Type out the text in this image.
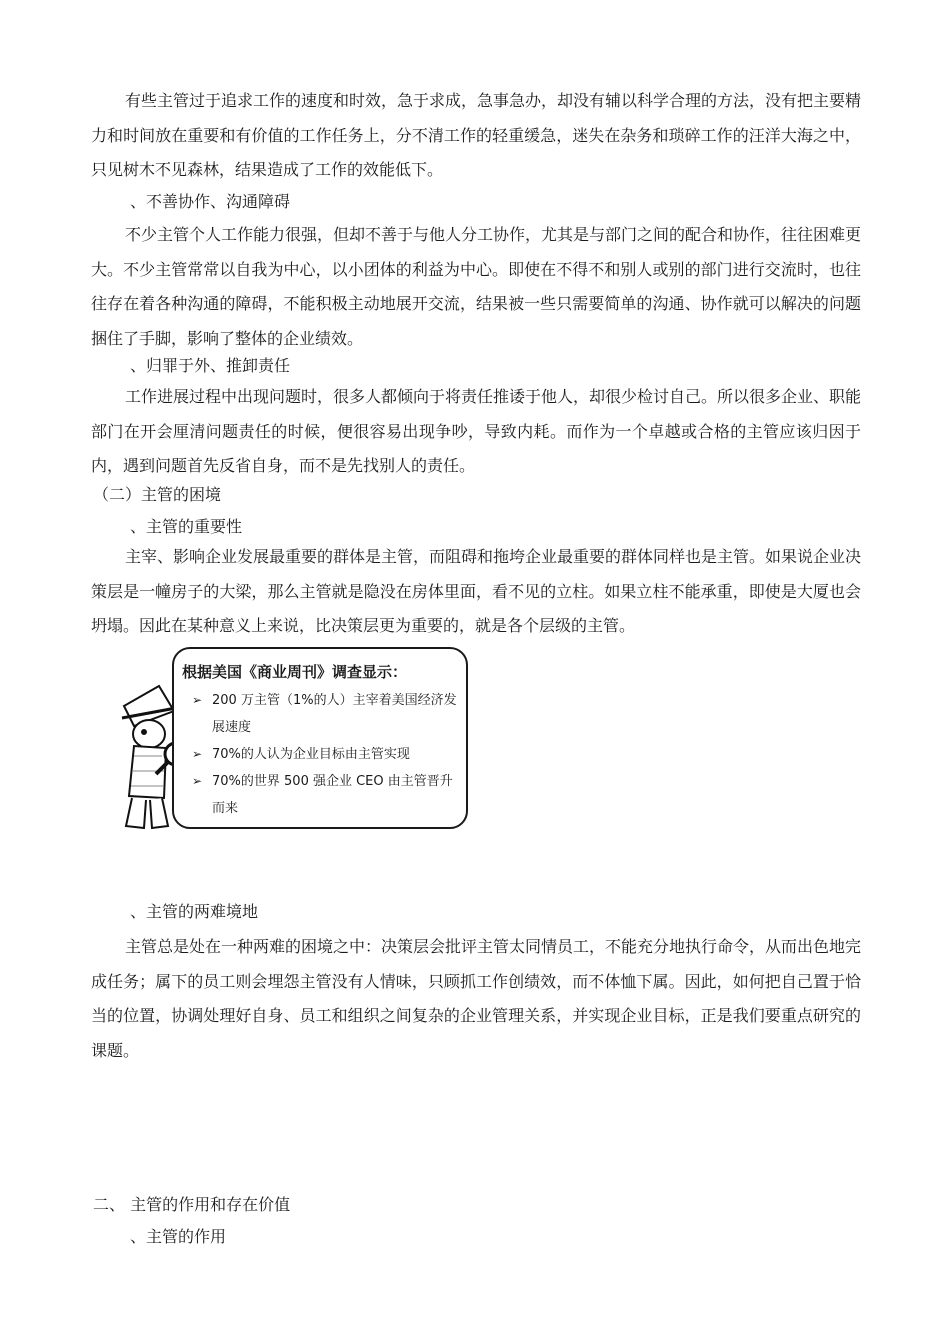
有些主管过于追求工作的速度和时效，急于求成，急事急办，却没有辅以科学合理的方法，没有把主要精力和时间放在重要和有价值的工作任务上，分不清工作的轻重缓急，迷失在杂务和琐碎工作的汪洋大海之中，只见树木不见森林，结果造成了工作的效能低下。

、不善协作、沟通障碍

不少主管个人工作能力很强，但却不善于与他人分工协作，尤其是与部门之间的配合和协作，往往困难更大。不少主管常常以自我为中心，以小团体的利益为中心。即使在不得不和别人或别的部门进行交流时，也往往存在着各种沟通的障碍，不能积极主动地展开交流，结果被一些只需要简单的沟通、协作就可以解决的问题捆住了手脚，影响了整体的企业绩效。

、归罪于外、推卸责任

工作进展过程中出现问题时，很多人都倾向于将责任推诿于他人，却很少检讨自己。所以很多企业、职能部门在开会厘清问题责任的时候，便很容易出现争吵，导致内耗。而作为一个卓越或合格的主管应该归因于内，遇到问题首先反省自身，而不是先找别人的责任。

（二）主管的困境

、主管的重要性

主宰、影响企业发展最重要的群体是主管，而阻碍和拖垮企业最重要的群体同样也是主管。如果说企业决策层是一幢房子的大梁，那么主管就是隐没在房体里面，看不见的立柱。如果立柱不能承重，即使是大厦也会坍塌。因此在某种意义上来说，比决策层更为重要的，就是各个层级的主管。

根据美国《商业周刊》调查显示：

➢ 200 万主管（1%的人）主宰着美国经济发展速度
➢ 70%的人认为企业目标由主管实现
➢ 70%的世界 500 强企业 CEO 由主管晋升而来

、主管的两难境地

主管总是处在一种两难的困境之中：决策层会批评主管太同情员工，不能充分地执行命令，从而出色地完成任务；属下的员工则会埋怨主管没有人情味，只顾抓工作创绩效，而不体恤下属。因此，如何把自己置于恰当的位置，协调处理好自身、员工和组织之间复杂的企业管理关系，并实现企业目标，正是我们要重点研究的课题。

二、 主管的作用和存在价值

、主管的作用
